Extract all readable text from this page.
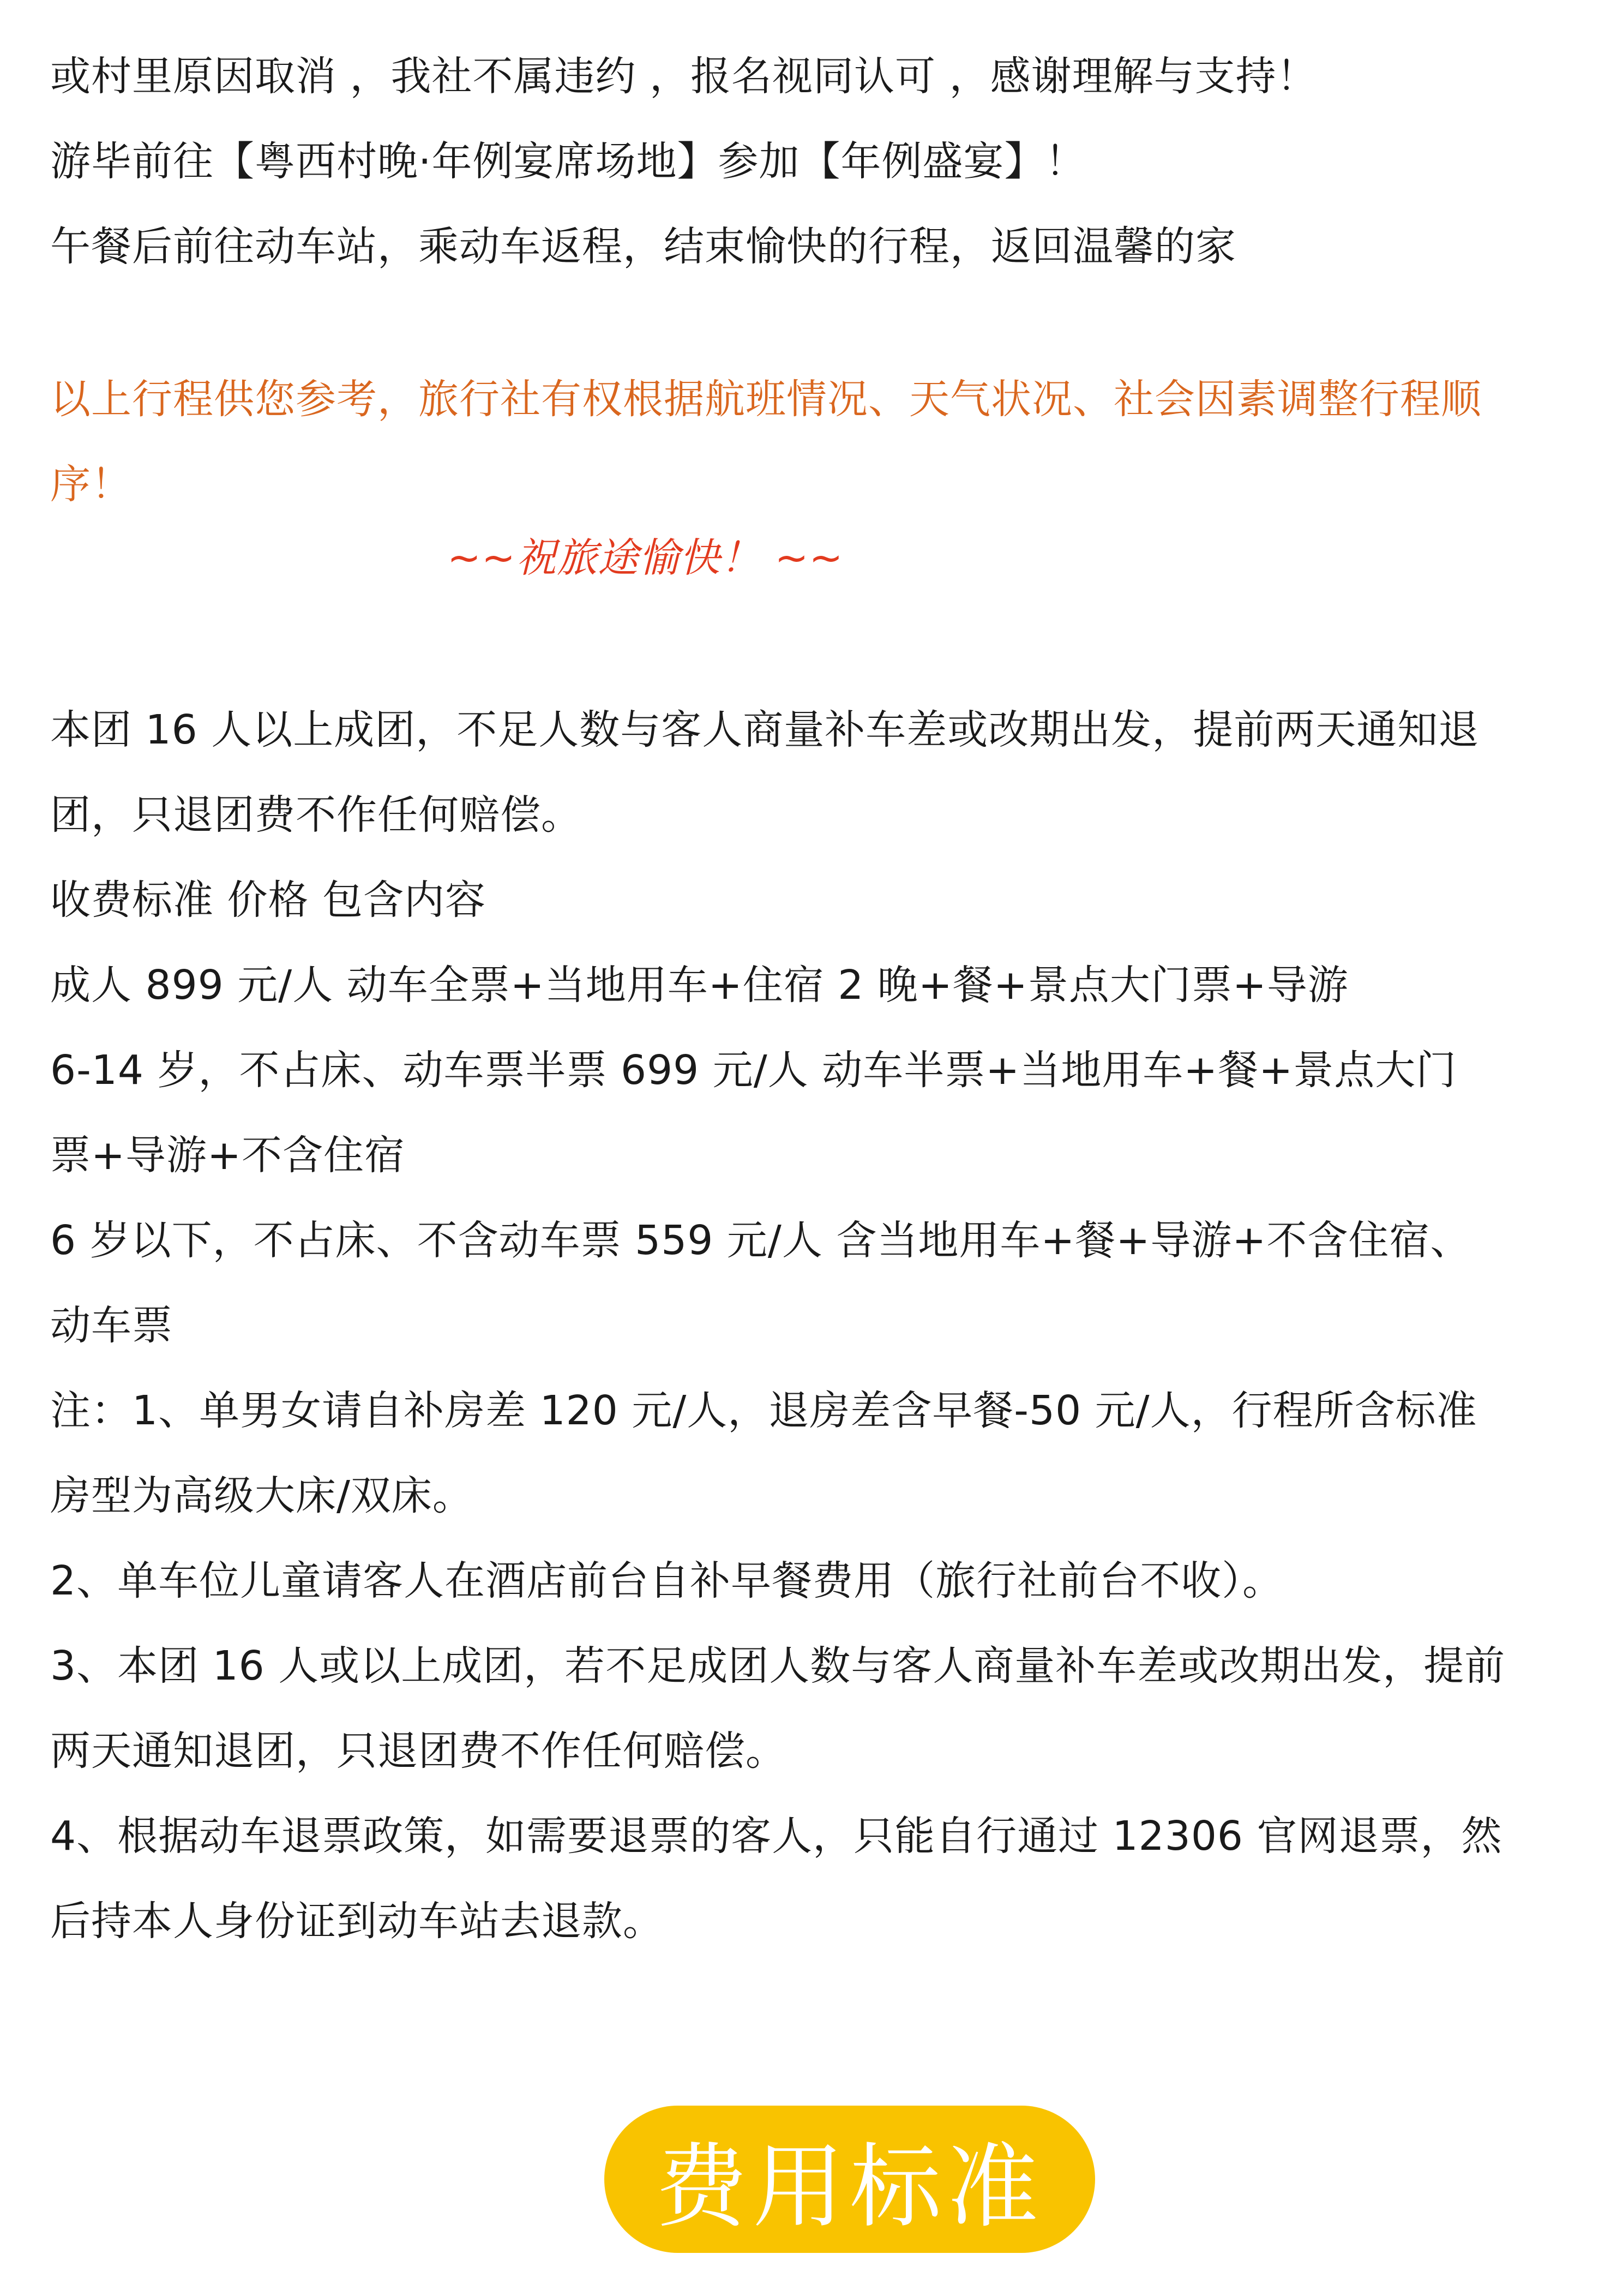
或村里原因取消 ，我社不属违约 ，报名视同认可 ，感谢理解与支持！
游毕前往【粤西村晚·年例宴席场地】参加【年例盛宴】！
午餐后前往动车站，乘动车返程，结束愉快的行程，返回温馨的家
以上行程供您参考，旅行社有权根据航班情况、天气状况、社会因素调整行程顺
序！
~~祝旅途愉快！ ~~
本团 16 人以上成团，不足人数与客人商量补车差或改期出发，提前两天通知退
团，只退团费不作任何赔偿。
收费标准 价格 包含内容
成人 899 元/人 动车全票+当地用车+住宿 2 晚+餐+景点大门票+导游
6-14 岁，不占床、动车票半票 699 元/人 动车半票+当地用车+餐+景点大门
票+导游+不含住宿
6 岁以下，不占床、不含动车票 559 元/人 含当地用车+餐+导游+不含住宿、
动车票
注：1、单男女请自补房差 120 元/人，退房差含早餐-50 元/人，行程所含标准
房型为高级大床/双床。
2、单车位儿童请客人在酒店前台自补早餐费用（旅行社前台不收）。
3、本团 16 人或以上成团，若不足成团人数与客人商量补车差或改期出发，提前
两天通知退团，只退团费不作任何赔偿。
4、根据动车退票政策，如需要退票的客人，只能自行通过 12306 官网退票，然
后持本人身份证到动车站去退款。
费用标准
